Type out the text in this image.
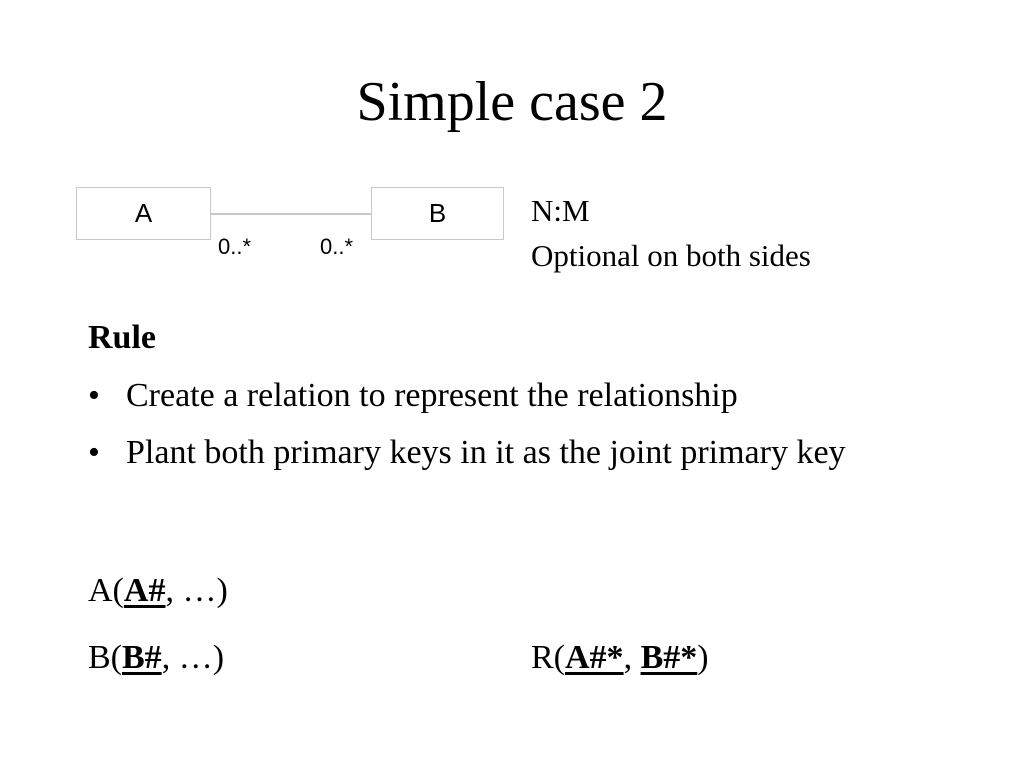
Simple case 2
A	B
0..*	0..*
N:M
Optional on both sides
Rule
• Create a relation to represent the relationship
• Plant both primary keys in it as the joint primary key
A(A#, …)
B(B#, …)	R(A#*, B#*)
